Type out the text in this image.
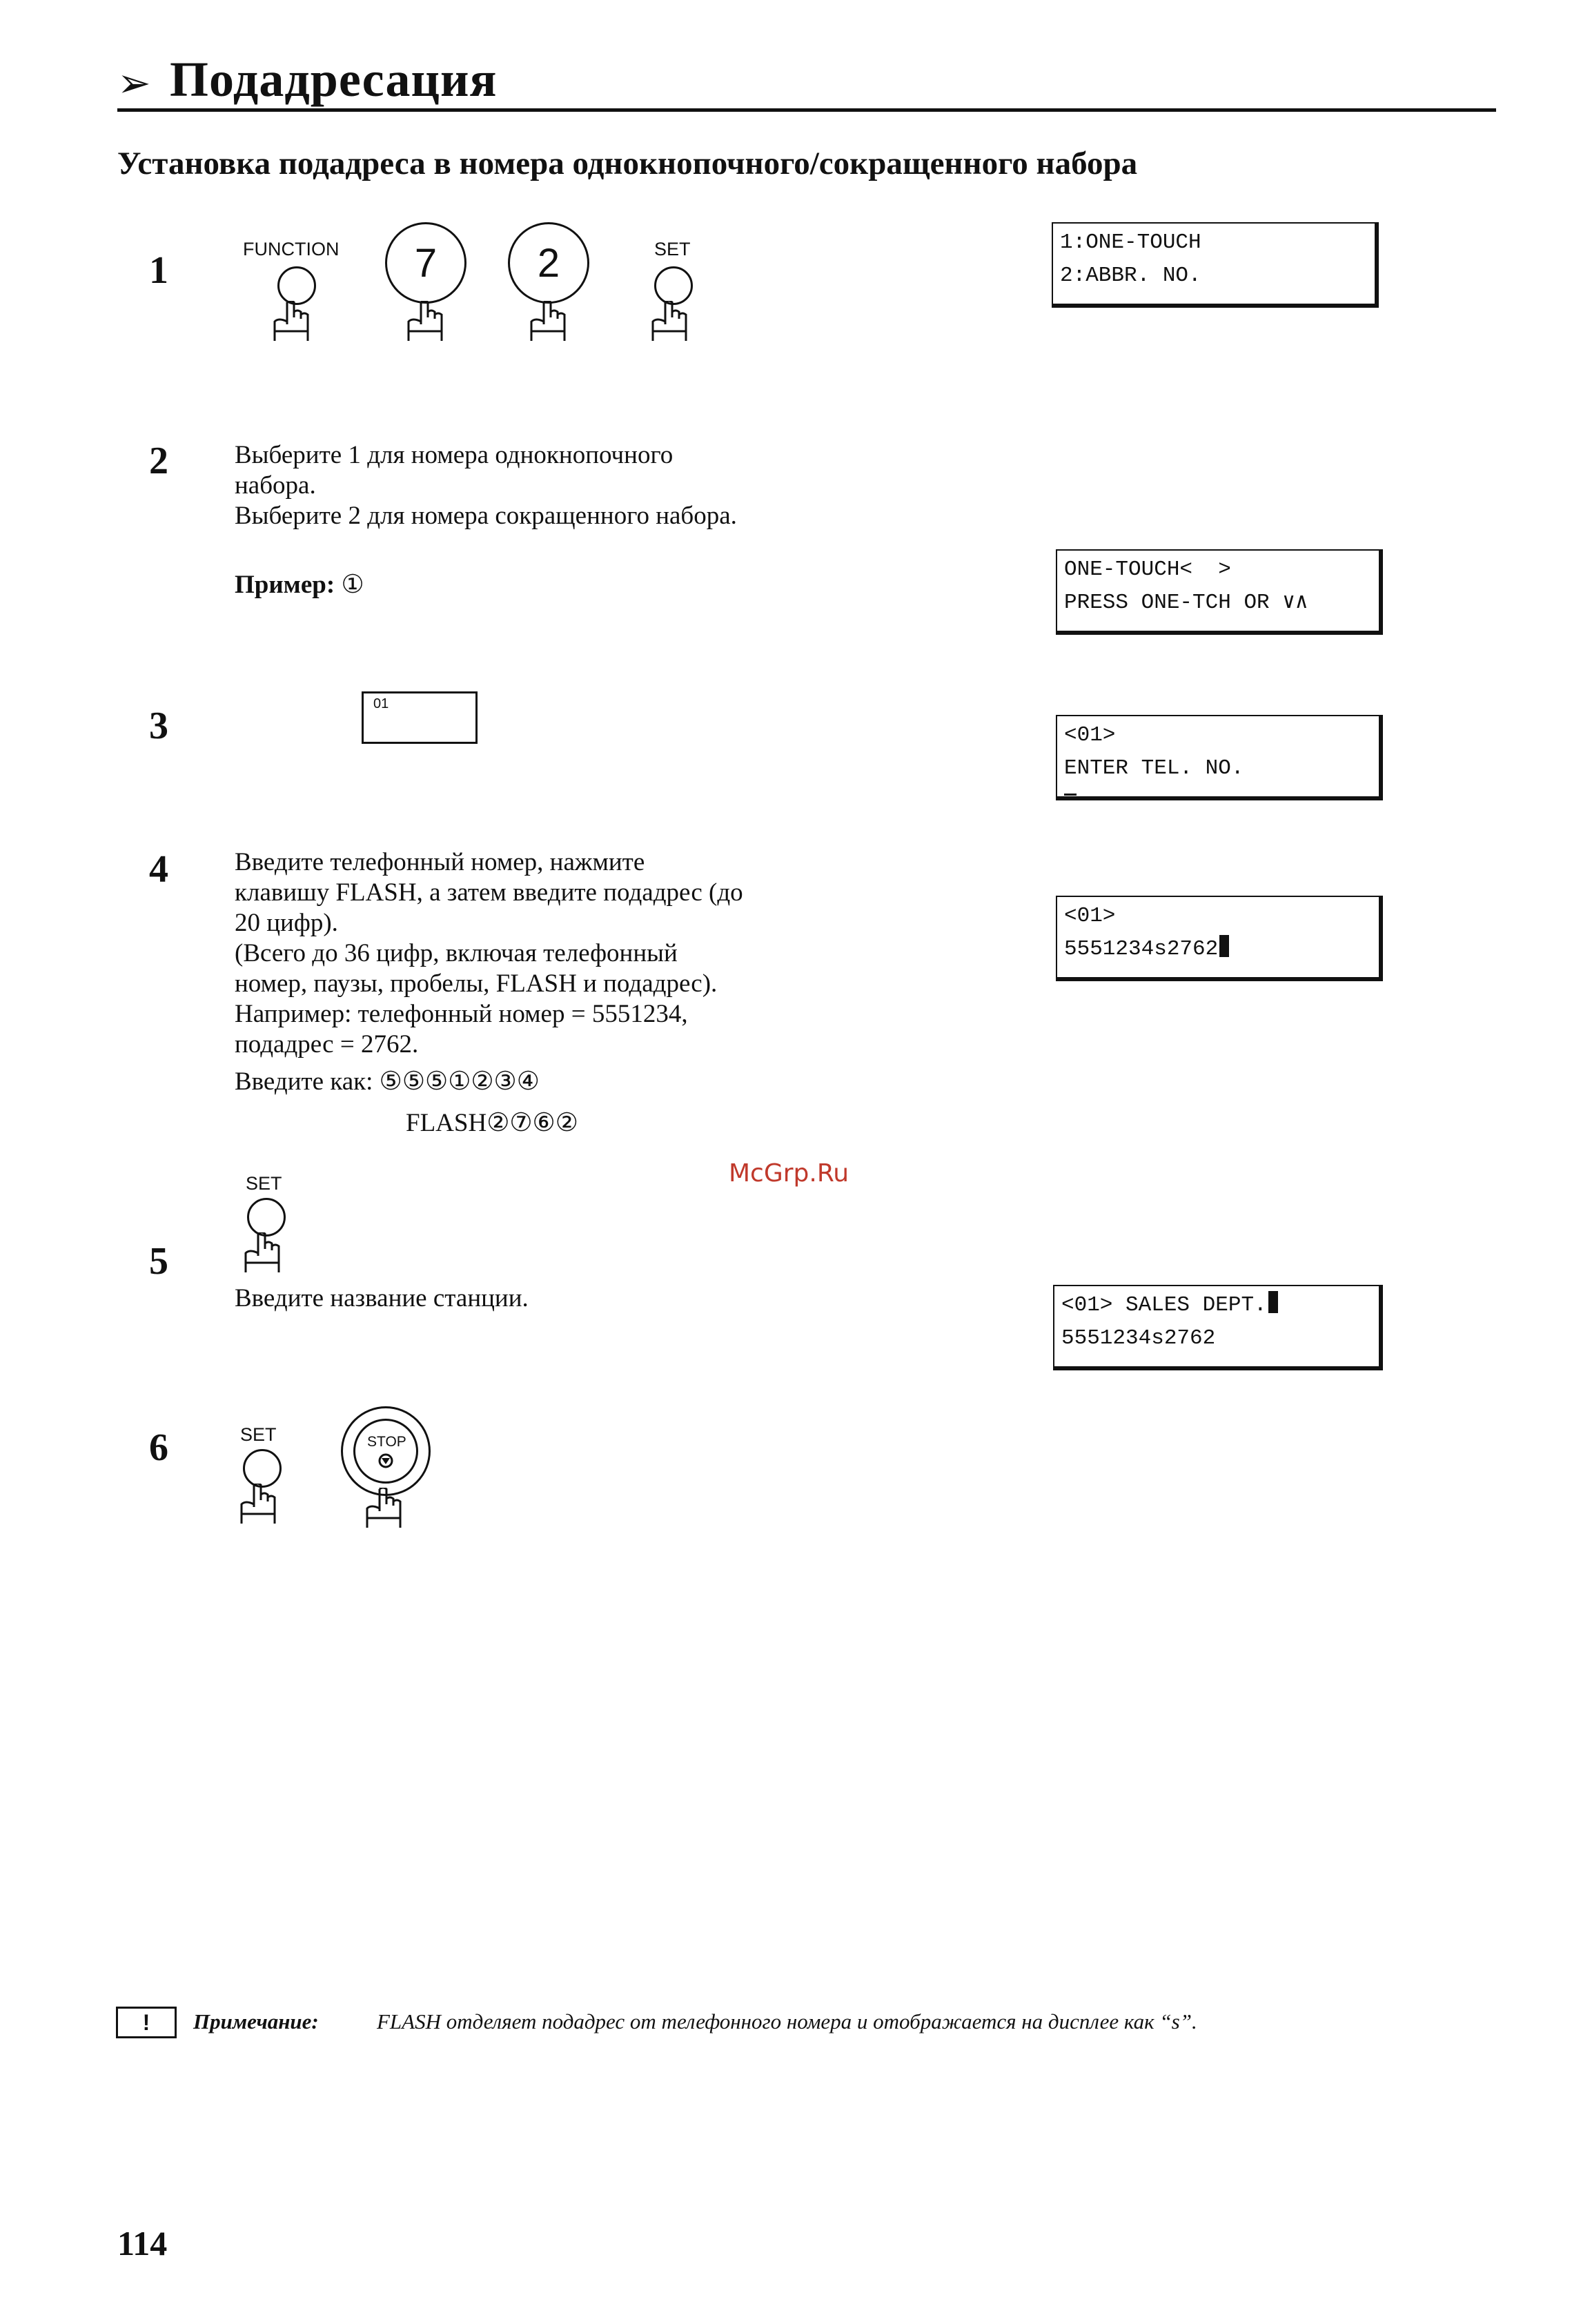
➢ Подадресация
Установка подадреса в номера однокнопочного/сокращенного набора
1	FUNCTION	7	2	SET	1:ONE-TOUCH
2:ABBR. NO.
2	Выберите 1 для номера однокнопочного
набора.
Выберите 2 для номера сокращенного набора.
Пример: ①
ONE-TOUCH<  >
PRESS ONE-TCH OR ∨∧
3
01
<01>
ENTER TEL. NO.
4	Введите телефонный номер, нажмите
клавишу FLASH, а затем введите подадрес (до
20 цифр).
(Всего до 36 цифр, включая телефонный
номер, паузы, пробелы, FLASH и подадрес).
Например: телефонный номер = 5551234,
подадрес = 2762.
Введите как: ⑤⑤⑤①②③④
FLASH②⑦⑥②
<01>
5551234s2762
McGrp.Ru
5
SET
Введите название станции.	<01> SALES DEPT.
5551234s2762
6	SET	STOP
!	Примечание:	FLASH отделяет подадрес от телефонного номера и отображается на дисплее как “s”.
114
